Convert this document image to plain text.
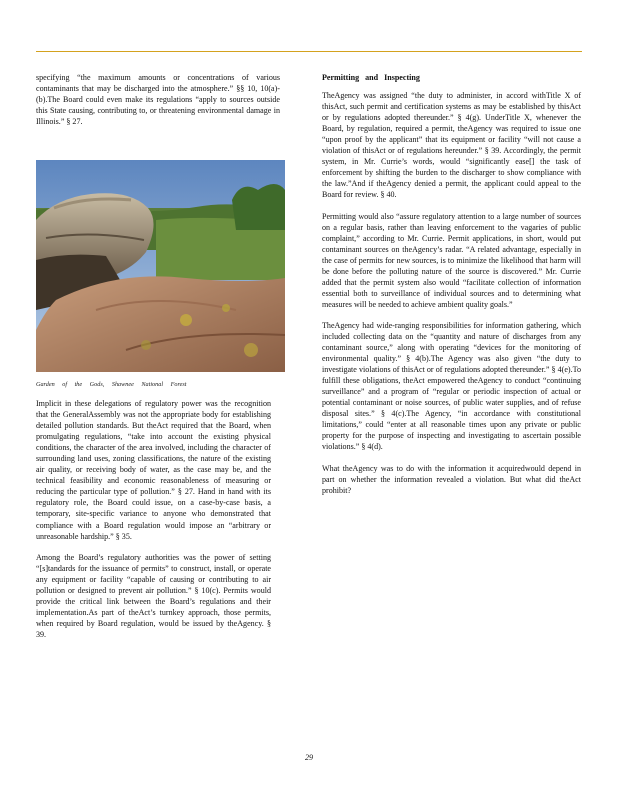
specifying “the maximum amounts or concentrations of various contaminants that may be discharged into the atmosphere.” §§ 10, 10(a)-(b).The Board could even make its regulations “apply to sources outside this State causing, contributing to, or threatening environmental damage in Illinois.” § 27.

Garden of the Gods, Shawnee National Forest

Implicit in these delegations of regulatory power was the recognition that the GeneralAssembly was not the appropriate body for establishing detailed pollution standards. But theAct required that the Board, when promulgating regulations, “take into account the existing physical conditions, the character of the area involved, including the character of surrounding land uses, zoning classifications, the nature of the existing air quality, or receiving body of water, as the case may be, and the technical feasibility and economic reasonableness of measuring or reducing the particular type of pollution.” § 27. Hand in hand with its regulatory role, the Board could issue, on a case-by-case basis, a temporary, site-specific variance to anyone who demonstrated that compliance with a Board regulation would impose an “arbitrary or unreasonable hardship.” § 35.

Among the Board’s regulatory authorities was the power of setting “[s]tandards for the issuance of permits” to construct, install, or operate any equipment or facility “capable of causing or contributing to air pollution or designed to prevent air pollution.” § 10(c). Permits would provide the critical link between the Board’s regulations and their implementation.As part of theAct’s turnkey approach, those permits, when required by Board regulation, would be issued by theAgency. § 39.

Permitting and Inspecting

TheAgency was assigned “the duty to administer, in accord withTitle X of thisAct, such permit and certification systems as may be established by thisAct or by regulations adopted thereunder.” § 4(g). UnderTitle X, whenever the Board, by regulation, required a permit, theAgency was required to issue one “upon proof by the applicant” that its equipment or facility “will not cause a violation of thisAct or of regulations hereunder.” § 39. Accordingly, the permit system, in Mr. Currie’s words, would “significantly ease[] the task of enforcement by shifting the burden to the discharger to show compliance with the law.”And if theAgency denied a permit, the applicant could appeal to the Board for review. § 40.

Permitting would also “assure regulatory attention to a large number of sources on a regular basis, rather than leaving enforcement to the vagaries of public complaint,” according to Mr. Currie. Permit applications, in short, would put contaminant sources on theAgency’s radar. “A related advantage, especially in the case of permits for new sources, is to minimize the likelihood that harm will be done before the polluting nature of the source is discovered.” Mr. Currie added that the permit system also would “facilitate collection of information essential both to surveillance of individual sources and to determining what measures will be needed to achieve ambient quality goals.”

TheAgency had wide-ranging responsibilities for information gathering, which included collecting data on the “quantity and nature of discharges from any contaminant source,” along with operating “devices for the monitoring of environmental quality.” § 4(b).The Agency was also given “the duty to investigate violations of thisAct or of regulations adopted thereunder.” § 4(e).To fulfill these obligations, theAct empowered theAgency to conduct “continuing surveillance” and a program of “regular or periodic inspection of actual or potential contaminant or noise sources, of public water supplies, and of refuse disposal sites.” § 4(c).The Agency, “in accordance with constitutional limitations,” could “enter at all reasonable times upon any private or public property for the purpose of inspecting and investigating to ascertain possible violations.” § 4(d).

What theAgency was to do with the information it acquiredwould depend in part on whether the information revealed a violation. But what did theAct prohibit?

29
